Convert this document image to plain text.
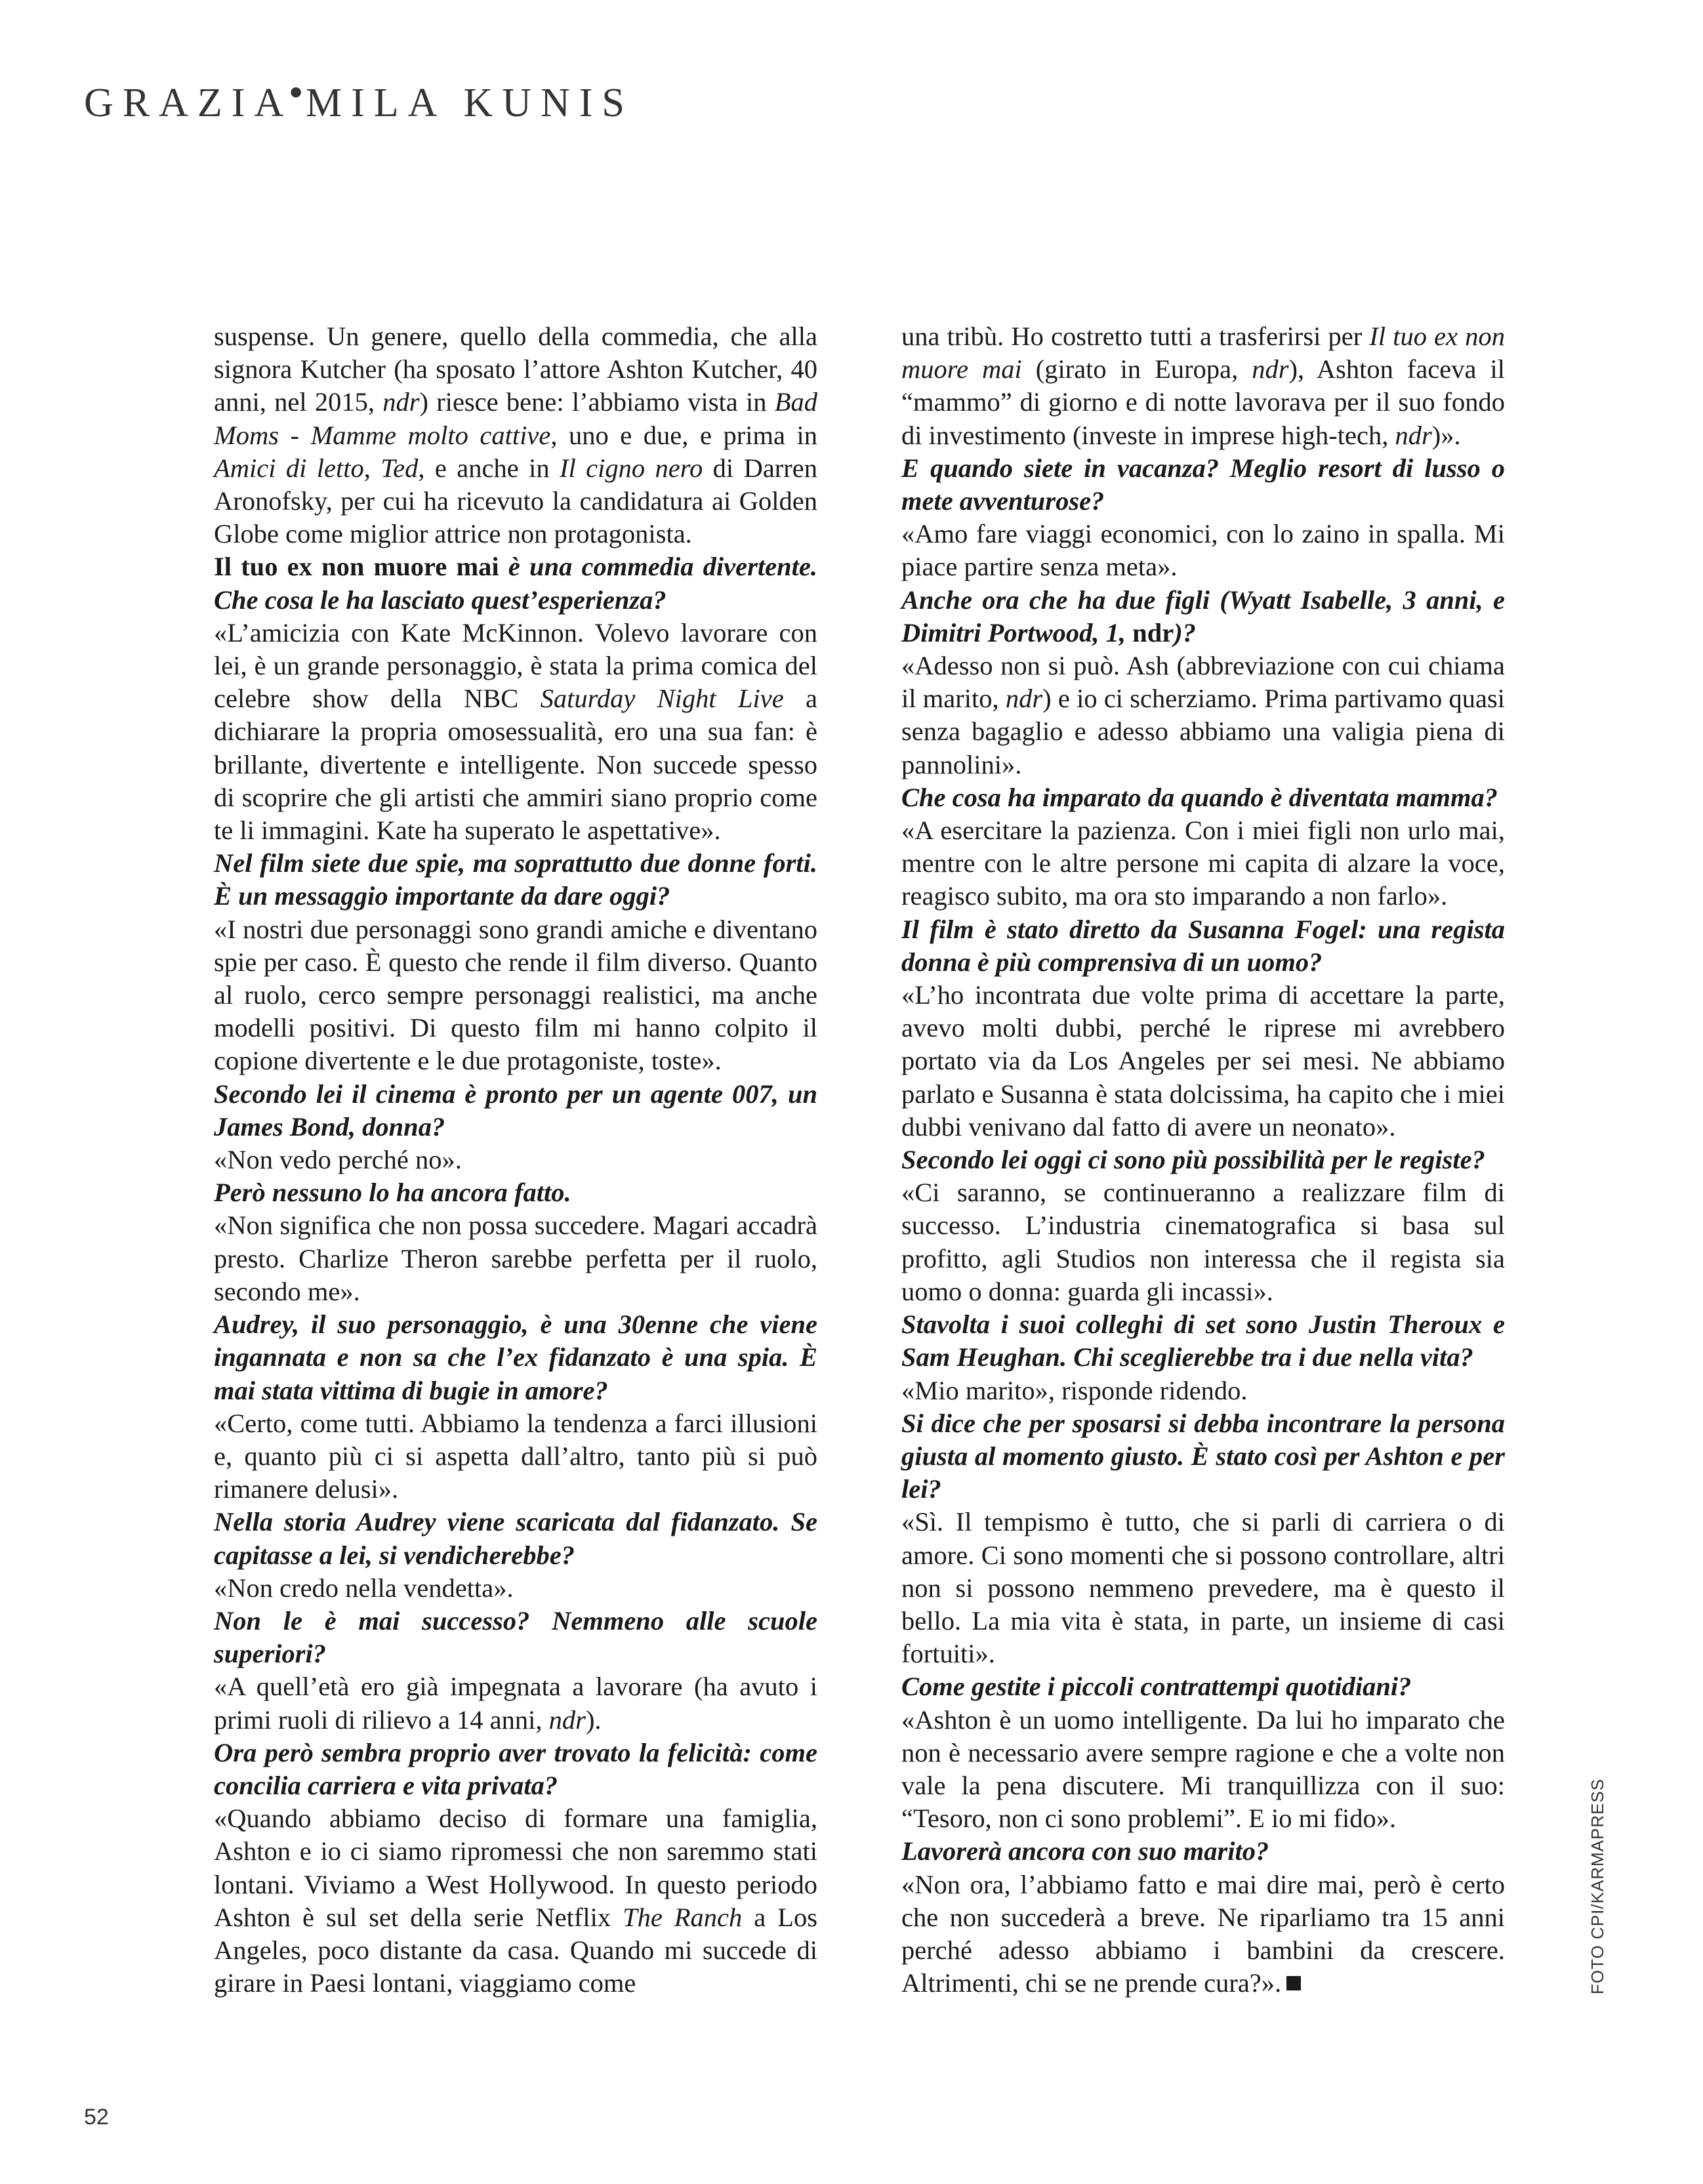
GRAZIA●MILA KUNIS

suspense. Un genere, quello della commedia, che alla signora Kutcher (ha sposato l’attore Ashton Kutcher, 40 anni, nel 2015, ndr) riesce bene: l’abbiamo vista in Bad Moms - Mamme molto cattive, uno e due, e prima in Amici di letto, Ted, e anche in Il cigno nero di Darren Aronofsky, per cui ha ricevuto la candidatura ai Golden Globe come miglior attrice non protagonista.

Il tuo ex non muore mai è una commedia divertente. Che cosa le ha lasciato quest’esperienza?

«L’amicizia con Kate McKinnon. Volevo lavorare con lei, è un grande personaggio, è stata la prima comica del celebre show della NBC Saturday Night Live a dichiarare la propria omosessualità, ero una sua fan: è brillante, divertente e intelligente. Non succede spesso di scoprire che gli artisti che ammiri siano proprio come te li immagini. Kate ha superato le aspettative».

Nel film siete due spie, ma soprattutto due donne forti. È un messaggio importante da dare oggi?

«I nostri due personaggi sono grandi amiche e diventano spie per caso. È questo che rende il film diverso. Quanto al ruolo, cerco sempre personaggi realistici, ma anche modelli positivi. Di questo film mi hanno colpito il copione divertente e le due protagoniste, toste».

Secondo lei il cinema è pronto per un agente 007, un James Bond, donna?

«Non vedo perché no».

Però nessuno lo ha ancora fatto.

«Non significa che non possa succedere. Magari accadrà presto. Charlize Theron sarebbe perfetta per il ruolo, secondo me».

Audrey, il suo personaggio, è una 30enne che viene ingannata e non sa che l’ex fidanzato è una spia. È mai stata vittima di bugie in amore?

«Certo, come tutti. Abbiamo la tendenza a farci illusioni e, quanto più ci si aspetta dall’altro, tanto più si può rimanere delusi».

Nella storia Audrey viene scaricata dal fidanzato. Se capitasse a lei, si vendicherebbe?

«Non credo nella vendetta».

Non le è mai successo? Nemmeno alle scuole superiori?

«A quell’età ero già impegnata a lavorare (ha avuto i primi ruoli di rilievo a 14 anni, ndr).

Ora però sembra proprio aver trovato la felicità: come concilia carriera e vita privata?

«Quando abbiamo deciso di formare una famiglia, Ashton e io ci siamo ripromessi che non saremmo stati lontani. Viviamo a West Hollywood. In questo periodo Ashton è sul set della serie Netflix The Ranch a Los Angeles, poco distante da casa. Quando mi succede di girare in Paesi lontani, viaggiamo come

una tribù. Ho costretto tutti a trasferirsi per Il tuo ex non muore mai (girato in Europa, ndr), Ashton faceva il “mammo” di giorno e di notte lavorava per il suo fondo di investimento (investe in imprese high-tech, ndr)».

E quando siete in vacanza? Meglio resort di lusso o mete avventurose?

«Amo fare viaggi economici, con lo zaino in spalla. Mi piace partire senza meta».

Anche ora che ha due figli (Wyatt Isabelle, 3 anni, e Dimitri Portwood, 1, ndr)?

«Adesso non si può. Ash (abbreviazione con cui chiama il marito, ndr) e io ci scherziamo. Prima partivamo quasi senza bagaglio e adesso abbiamo una valigia piena di pannolini».

Che cosa ha imparato da quando è diventata mamma?

«A esercitare la pazienza. Con i miei figli non urlo mai, mentre con le altre persone mi capita di alzare la voce, reagisco subito, ma ora sto imparando a non farlo».

Il film è stato diretto da Susanna Fogel: una regista donna è più comprensiva di un uomo?

«L’ho incontrata due volte prima di accettare la parte, avevo molti dubbi, perché le riprese mi avrebbero portato via da Los Angeles per sei mesi. Ne abbiamo parlato e Susanna è stata dolcissima, ha capito che i miei dubbi venivano dal fatto di avere un neonato».

Secondo lei oggi ci sono più possibilità per le registe?

«Ci saranno, se continueranno a realizzare film di successo. L’industria cinematografica si basa sul profitto, agli Studios non interessa che il regista sia uomo o donna: guarda gli incassi».

Stavolta i suoi colleghi di set sono Justin Theroux e Sam Heughan. Chi sceglierebbe tra i due nella vita?

«Mio marito», risponde ridendo.

Si dice che per sposarsi si debba incontrare la persona giusta al momento giusto. È stato così per Ashton e per lei?

«Sì. Il tempismo è tutto, che si parli di carriera o di amore. Ci sono momenti che si possono controllare, altri non si possono nemmeno prevedere, ma è questo il bello. La mia vita è stata, in parte, un insieme di casi fortuiti».

Come gestite i piccoli contrattempi quotidiani?

«Ashton è un uomo intelligente. Da lui ho imparato che non è necessario avere sempre ragione e che a volte non vale la pena discutere. Mi tranquillizza con il suo: “Tesoro, non ci sono problemi”. E io mi fido».

Lavorerà ancora con suo marito?

«Non ora, l’abbiamo fatto e mai dire mai, però è certo che non succederà a breve. Ne riparliamo tra 15 anni perché adesso abbiamo i bambini da crescere. Altrimenti, chi se ne prende cura?».	FOTO CPI/KARMAPRESS
52
